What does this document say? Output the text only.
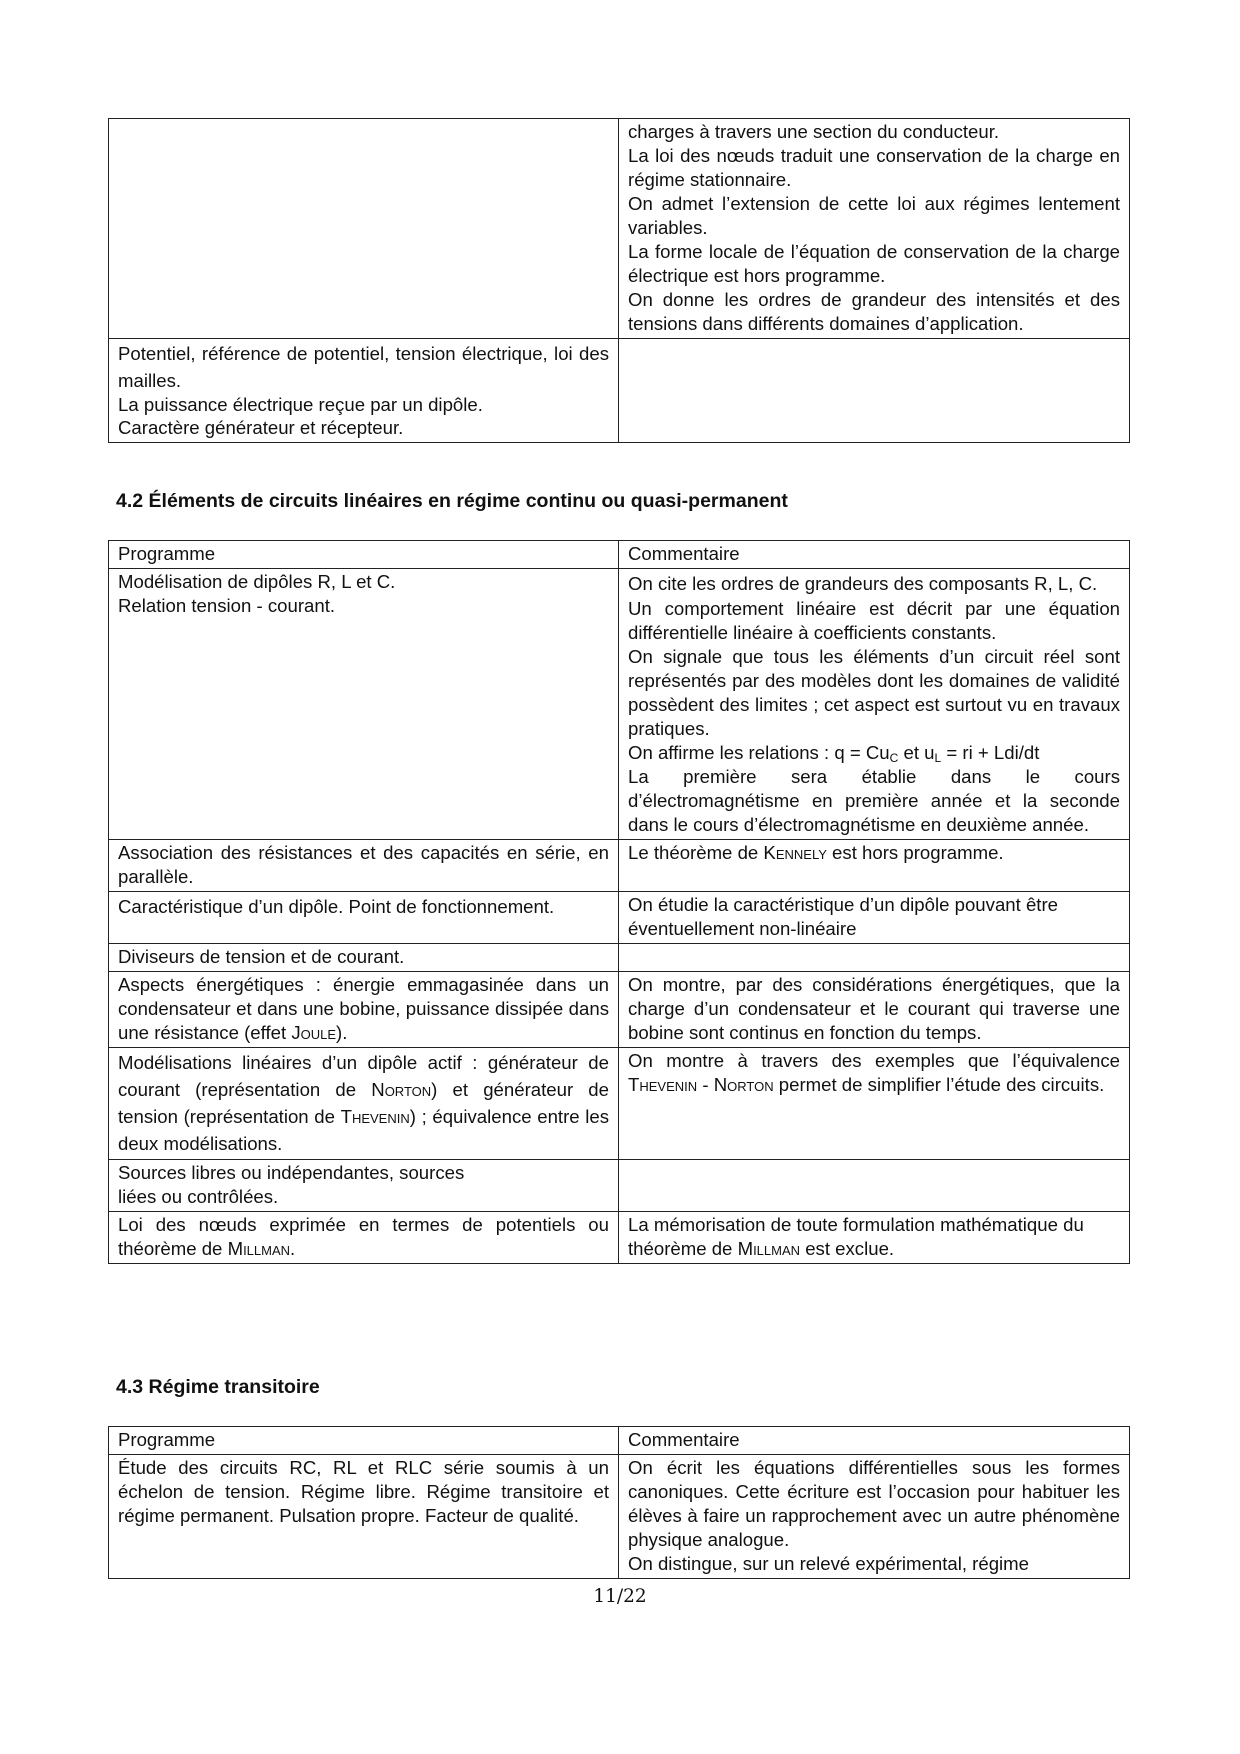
	charges à travers une section du conducteur.
La loi des nœuds traduit une conservation de la charge en régime stationnaire.
On admet l’extension de cette loi aux régimes lentement variables.
La forme locale de l’équation de conservation de la charge électrique est hors programme.
On donne les ordres de grandeur des intensités et des tensions dans différents domaines d’application.

Potentiel, référence de potentiel, tension électrique, loi des mailles.
La puissance électrique reçue par un dipôle.
Caractère générateur et récepteur.	

4.2 Éléments de circuits linéaires en régime continu ou quasi-permanent
Programme	Commentaire

Modélisation de dipôles R, L et C.
Relation tension - courant.	On cite les ordres de grandeurs des composants R, L, C.
Un comportement linéaire est décrit par une équation différentielle linéaire à coefficients constants.
On signale que tous les éléments d’un circuit réel sont représentés par des modèles dont les domaines de validité possèdent des limites ; cet aspect est surtout vu en travaux pratiques.
On affirme les relations : $q = Cu_C$ et $u_L$ = ri + Ldi/dt
La première sera établie dans le cours d’électromagnétisme en première année et la seconde dans le cours d’électromagnétisme en deuxième année.

Association des résistances et des capacités en série, en parallèle.	Le théorème de Kennely est hors programme.
Caractéristique d’un dipôle. Point de fonctionnement.	On étudie la caractéristique d’un dipôle pouvant être éventuellement non-linéaire
Diviseurs de tension et de courant.	
Aspects énergétiques : énergie emmagasinée dans un condensateur et dans une bobine, puissance dissipée dans une résistance (effet Joule).	On montre, par des considérations énergétiques, que la charge d’un condensateur et le courant qui traverse une bobine sont continus en fonction du temps.
Modélisations linéaires d’un dipôle actif : générateur de courant (représentation de Norton) et générateur de tension (représentation de Thevenin) ; équivalence entre les deux modélisations.	On montre à travers des exemples que l’équivalence Thevenin - Norton permet de simplifier l’étude des circuits.

Sources libres ou indépendantes, sources
liées ou contrôlées.	

Loi des nœuds exprimée en termes de potentiels ou théorème de Millman.	La mémorisation de toute formulation mathématique du théorème de Millman est exclue.
4.3 Régime transitoire
Programme	Commentaire
Étude des circuits RC, RL et RLC série soumis à un échelon de tension. Régime libre. Régime transitoire et régime permanent. Pulsation propre. Facteur de qualité.	On écrit les équations différentielles sous les formes canoniques. Cette écriture est l’occasion pour habituer les élèves à faire un rapprochement avec un autre phénomène physique analogue.
On distingue, sur un relevé expérimental, régime
11/22
